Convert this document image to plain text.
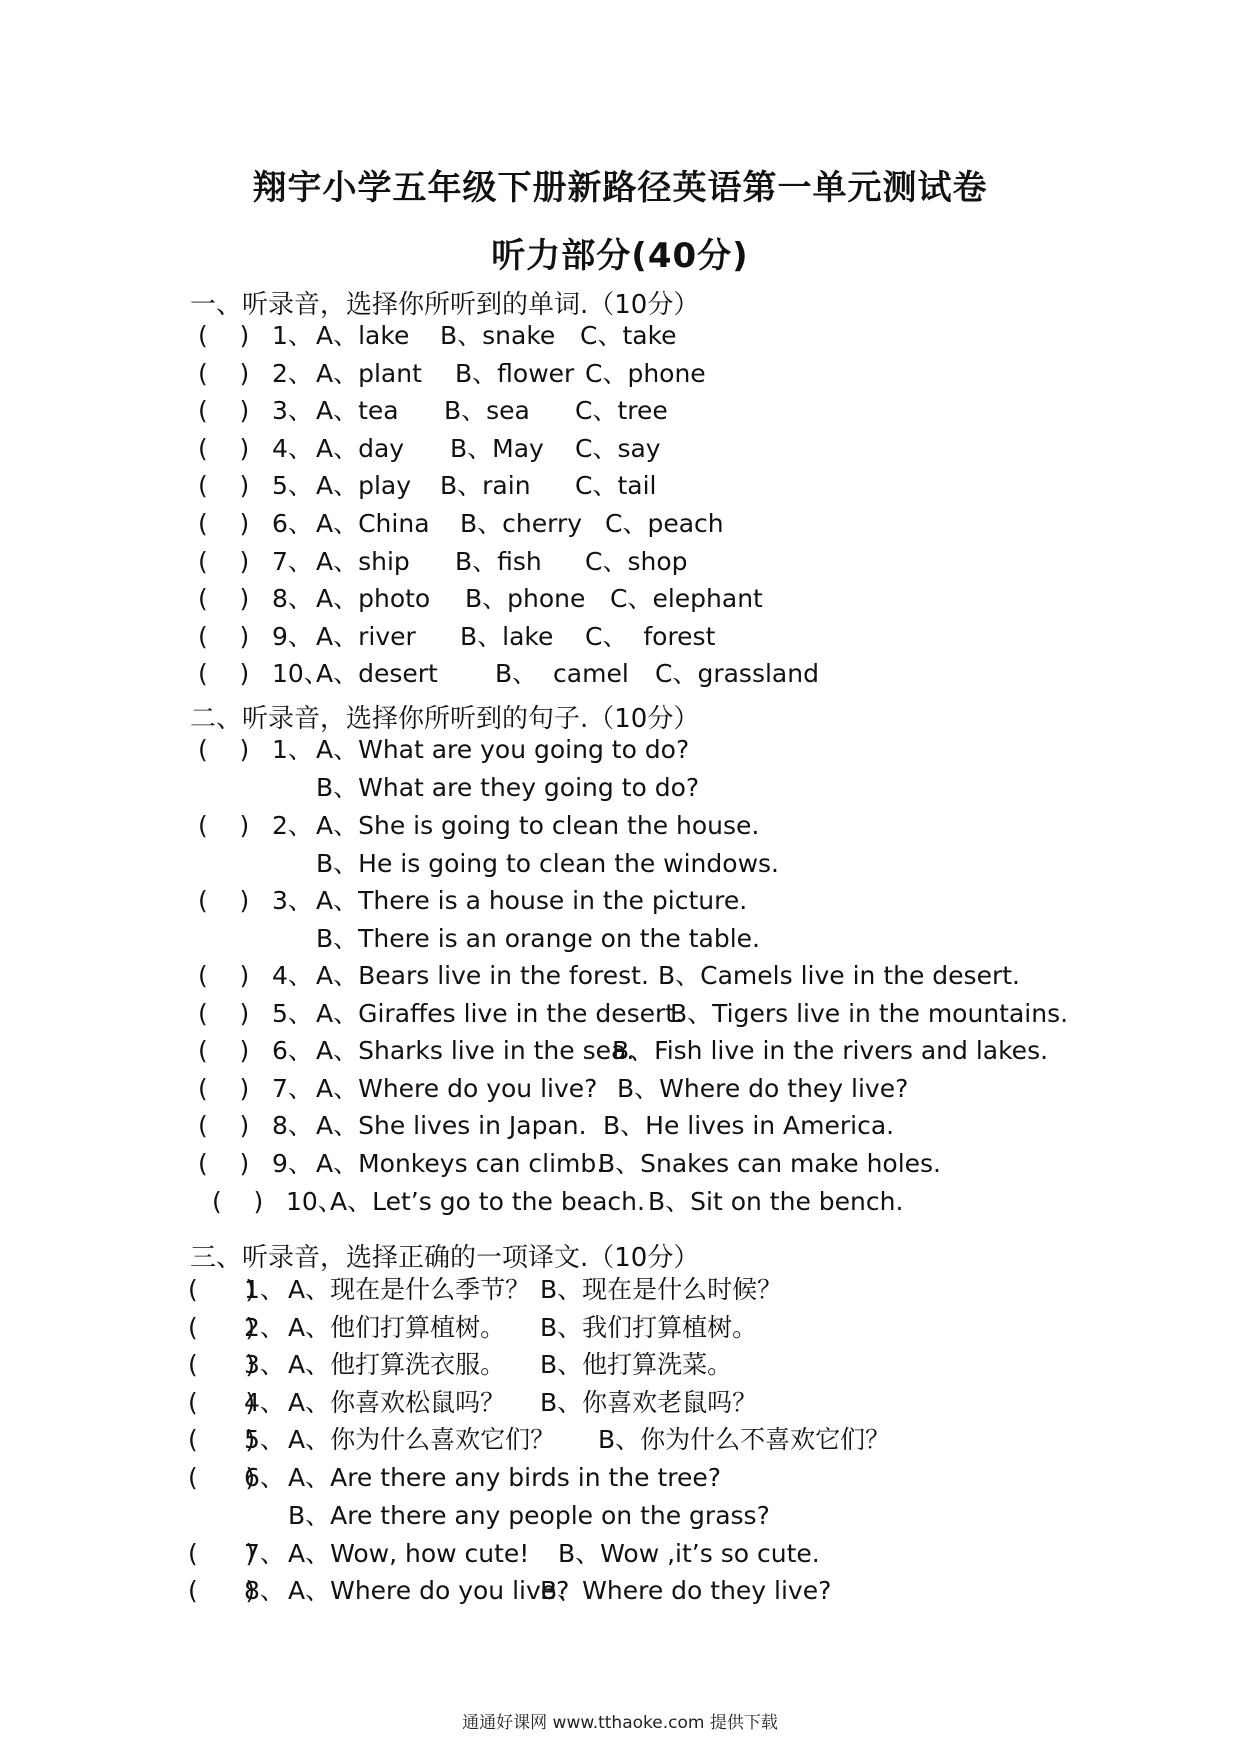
翔宇小学五年级下册新路径英语第一单元测试卷
听力部分(40分)
一、听录音，选择你所听到的单词.（10分）
(    ) 1、 A、lake B、snake C、take
(    ) 2、 A、plant B、flower C、phone
(    ) 3、 A、tea B、sea C、tree
(    ) 4、 A、day B、May C、say
(    ) 5、 A、play B、rain C、tail
(    ) 6、 A、China B、cherry C、peach
(    ) 7、 A、ship B、fish C、shop
(    ) 8、 A、photo B、phone C、elephant
(    ) 9、 A、river B、lake C、  forest
(    ) 10、
A、desert B、  camel C、grassland
二、听录音，选择你所听到的句子.（10分）
(    ) 1、 A、What are you going to do?
B、What are they going to do?
(    ) 2、 A、She is going to clean the house.
B、He is going to clean the windows.
(    ) 3、 A、There is a house in the picture.
B、There is an orange on the table.
(    ) 4、 A、Bears live in the forest. B、Camels live in the desert.
(    ) 5、 A、Giraffes live in the desert.
B、Tigers live in the mountains.
(    ) 6、 A、Sharks live in the sea.
B、Fish live in the rivers and lakes.
(    ) 7、 A、Where do you live? B、Where do they live?
(    ) 8、 A、She lives in Japan. B、He lives in America.
(    ) 9、 A、Monkeys can climb.
B、Snakes can make holes.
(    ) 10、
A、Let’s go to the beach. B、Sit on the bench.
三、听录音，选择正确的一项译文.（10分）
(      )
1、 A、现在是什么季节？ B、现在是什么时候？
(      )
2、 A、他们打算植树。 B、我们打算植树。
(      )
3、 A、他打算洗衣服。 B、他打算洗菜。
(      )
4、 A、你喜欢松鼠吗？ B、你喜欢老鼠吗？
(      )
5、 A、你为什么喜欢它们？ B、你为什么不喜欢它们？
(      )
6、 A、Are there any birds in the tree?
B、Are there any people on the grass?
(      )
7、 A、Wow, how cute! B、Wow ,it’s so cute.
(      )
8、 A、Where do you live?
B、Where do they live?
通通好课网 www.tthaoke.com 提供下载
